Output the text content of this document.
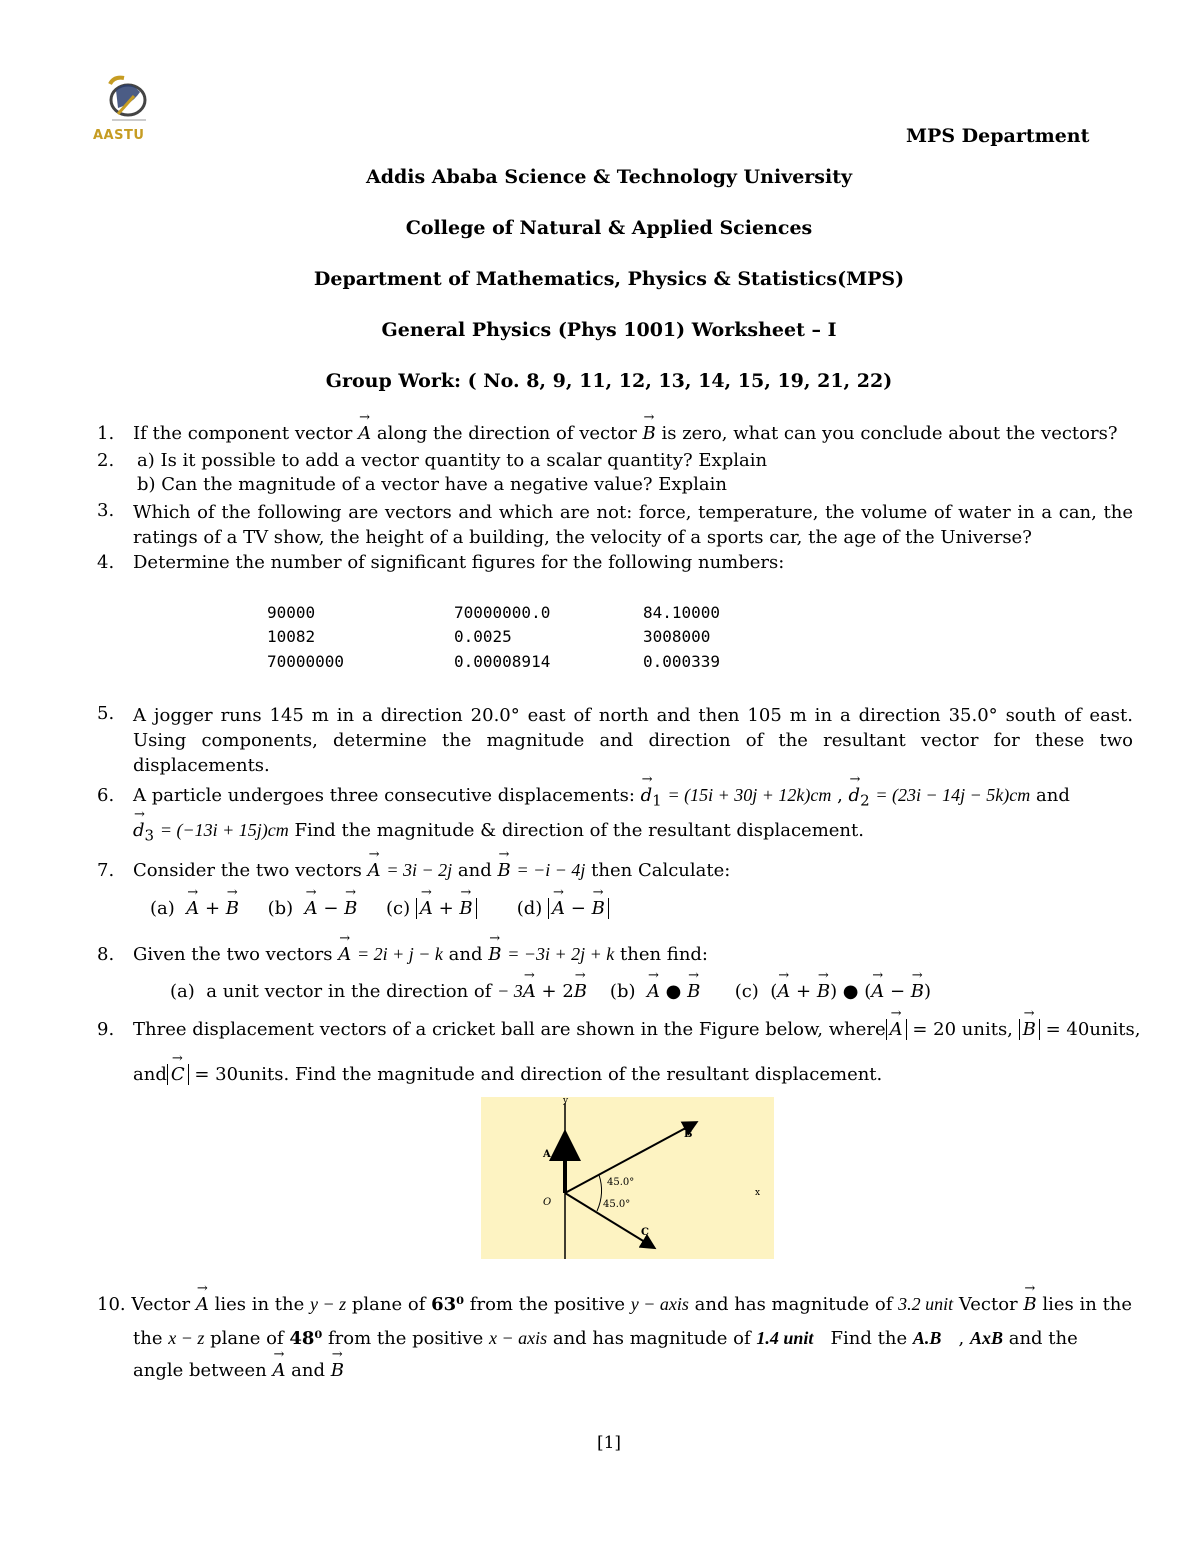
AASTU	MPS Department
Addis Ababa Science & Technology University
College of Natural & Applied Sciences
Department of Mathematics, Physics & Statistics(MPS)
General Physics (Phys 1001) Worksheet – I
Group Work: ( No. 8, 9, 11, 12, 13, 14, 15, 19, 21, 22)
1. If the component vector → A along the direction of vector → B is zero, what can you conclude about the vectors?
2. a) Is it possible to add a vector quantity to a scalar quantity? Explain
b) Can the magnitude of a vector have a negative value? Explain
3. Which of the following are vectors and which are not: force, temperature, the volume of water in a can, the ratings of a TV show, the height of a building, the velocity of a sports car, the age of the Universe?
4. Determine the number of significant figures for the following numbers:
90000	70000000.0	84.10000
10082	0.0025	3008000
70000000	0.00008914	0.000339
5. A jogger runs 145 m in a direction 20.0° east of north and then 105 m in a direction 35.0° south of east. Using components, determine the magnitude and direction of the resultant vector for these two displacements.
6. A particle undergoes three consecutive displacements: → $d_1 = (15i + 30j + 12k)cm$ , → $d_2 = (23i - 14j - 5k)cm$ and
→ $d_3 = (-13i + 15j)cm$ Find the magnitude & direction of the resultant displacement.
7. Consider the two vectors → A = 3i − 2j and → B = −i − 4j then Calculate:
(a) → A + → B (b) → A − → B (c) → A + → B (d) → A − → B
8. Given the two vectors → A = 2i + j − k and → B = −3i + 2j + k then find:
(a) a unit vector in the direction of − 3→ A + 2→ B (b) → A ● → B (c)  (→ A + → B) ● (→ A − → B)
9. Three displacement vectors of a cricket ball are shown in the Figure below, where → A = 20 units, → B = 40units,
and → C = 30units. Find the magnitude and direction of the resultant displacement.
y
x
O
A
B
C
45.0°
45.0°
10. Vector → A lies in the y − z plane of 63⁰ from the positive y − axis and has magnitude of 3.2 unit Vector → B lies in the
the x − z plane of 48⁰ from the positive x − axis and has magnitude of 1.4 unit Find the A.B   , AxB and the
angle between → A and → B
[1]
